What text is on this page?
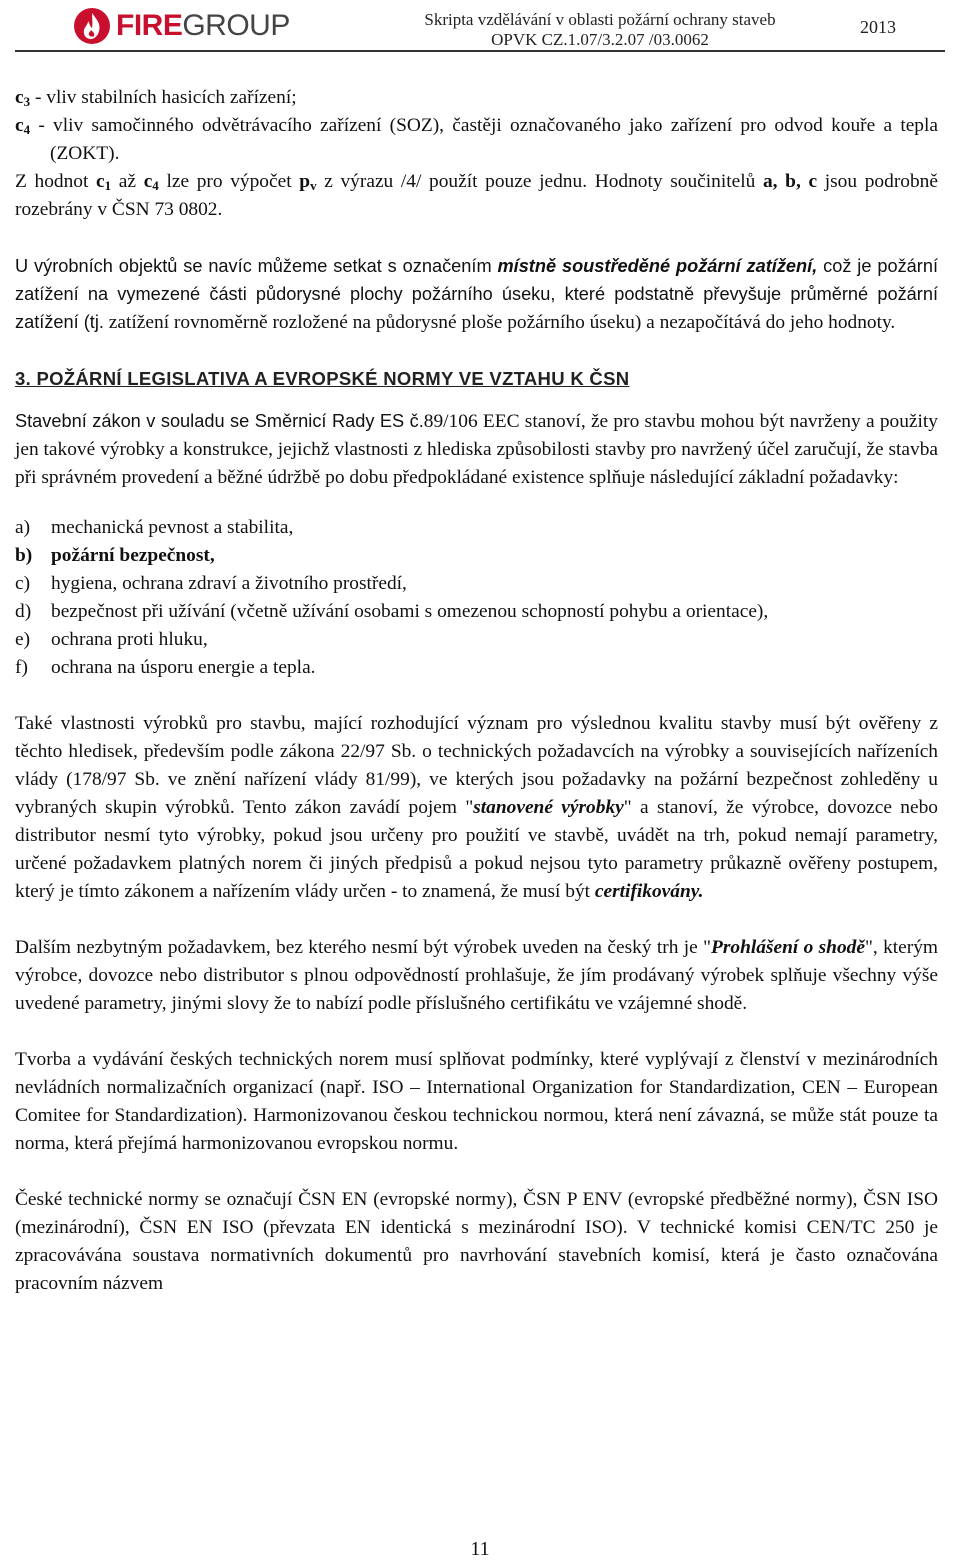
FIREGROUP	Skripta vzdělávání v oblasti požární ochrany staveb
OPVK CZ.1.07/3.2.07 /03.0062
2013

$c_3$ - vliv stabilních hasicích zařízení;

$c_4$ - vliv samočinného odvětrávacího zařízení (SOZ), častěji označovaného jako zařízení pro odvod kouře a tepla (ZOKT).

Z hodnot $c_1$ až $c_4$ lze pro výpočet $p_v$ z výrazu /4/ použít pouze jednu. Hodnoty součinitelů a, b, c jsou podrobně rozebrány v ČSN 73 0802.

U výrobních objektů se navíc můžeme setkat s označením místně soustředěné požární zatížení, což je požární zatížení na vymezené části půdorysné plochy požárního úseku, které podstatně převyšuje průměrné požární zatížení (tj. zatížení rovnoměrně rozložené na půdorysné ploše požárního úseku) a nezapočítává do jeho hodnoty.

3. POŽÁRNÍ LEGISLATIVA A EVROPSKÉ NORMY VE VZTAHU K ČSN

Stavební zákon v souladu se Směrnicí Rady ES č.89/106 EEC stanoví, že pro stavbu mohou být navrženy a použity jen takové výrobky a konstrukce, jejichž vlastnosti z hlediska způsobilosti stavby pro navržený účel zaručují, že stavba při správném provedení a běžné údržbě po dobu předpokládané existence splňuje následující základní požadavky:

a)	mechanická pevnost a stabilita,
b) požární bezpečnost,
c)	hygiena, ochrana zdraví a životního prostředí,
d)	bezpečnost při užívání (včetně užívání osobami s omezenou schopností pohybu a orientace),
e)	ochrana proti hluku,
f)	ochrana na úsporu energie a tepla.

Také vlastnosti výrobků pro stavbu, mající rozhodující význam pro výslednou kvalitu stavby musí být ověřeny z těchto hledisek, především podle zákona 22/97 Sb. o technických požadavcích na výrobky a souvisejících nařízeních vlády (178/97 Sb. ve znění nařízení vlády 81/99), ve kterých jsou požadavky na požární bezpečnost zohleděny u vybraných skupin výrobků. Tento zákon zavádí pojem "stanovené výrobky" a stanoví, že výrobce, dovozce nebo distributor nesmí tyto výrobky, pokud jsou určeny pro použití ve stavbě, uvádět na trh, pokud nemají parametry, určené požadavkem platných norem či jiných předpisů a pokud nejsou tyto parametry průkazně ověřeny postupem, který je tímto zákonem a nařízením vlády určen - to znamená, že musí být certifikovány.

Dalším nezbytným požadavkem, bez kterého nesmí být výrobek uveden na český trh je "Prohlášení o shodě", kterým výrobce, dovozce nebo distributor s plnou odpovědností prohlašuje, že jím prodávaný výrobek splňuje všechny výše uvedené parametry, jinými slovy že to nabízí podle příslušného certifikátu ve vzájemné shodě.

Tvorba a vydávání českých technických norem musí splňovat podmínky, které vyplývají z členství v mezinárodních nevládních normalizačních organizací (např. ISO – International Organization for Standardization, CEN – European Comitee for Standardization). Harmonizovanou českou technickou normou, která není závazná, se může stát pouze ta norma, která přejímá harmonizovanou evropskou normu.

České technické normy se označují ČSN EN (evropské normy), ČSN P ENV (evropské předběžné normy), ČSN ISO (mezinárodní), ČSN EN ISO (převzata EN identická s mezinárodní ISO). V technické komisi CEN/TC 250 je zpracovávána soustava normativních dokumentů pro navrhování stavebních komisí, která je často označována pracovním názvem

11
